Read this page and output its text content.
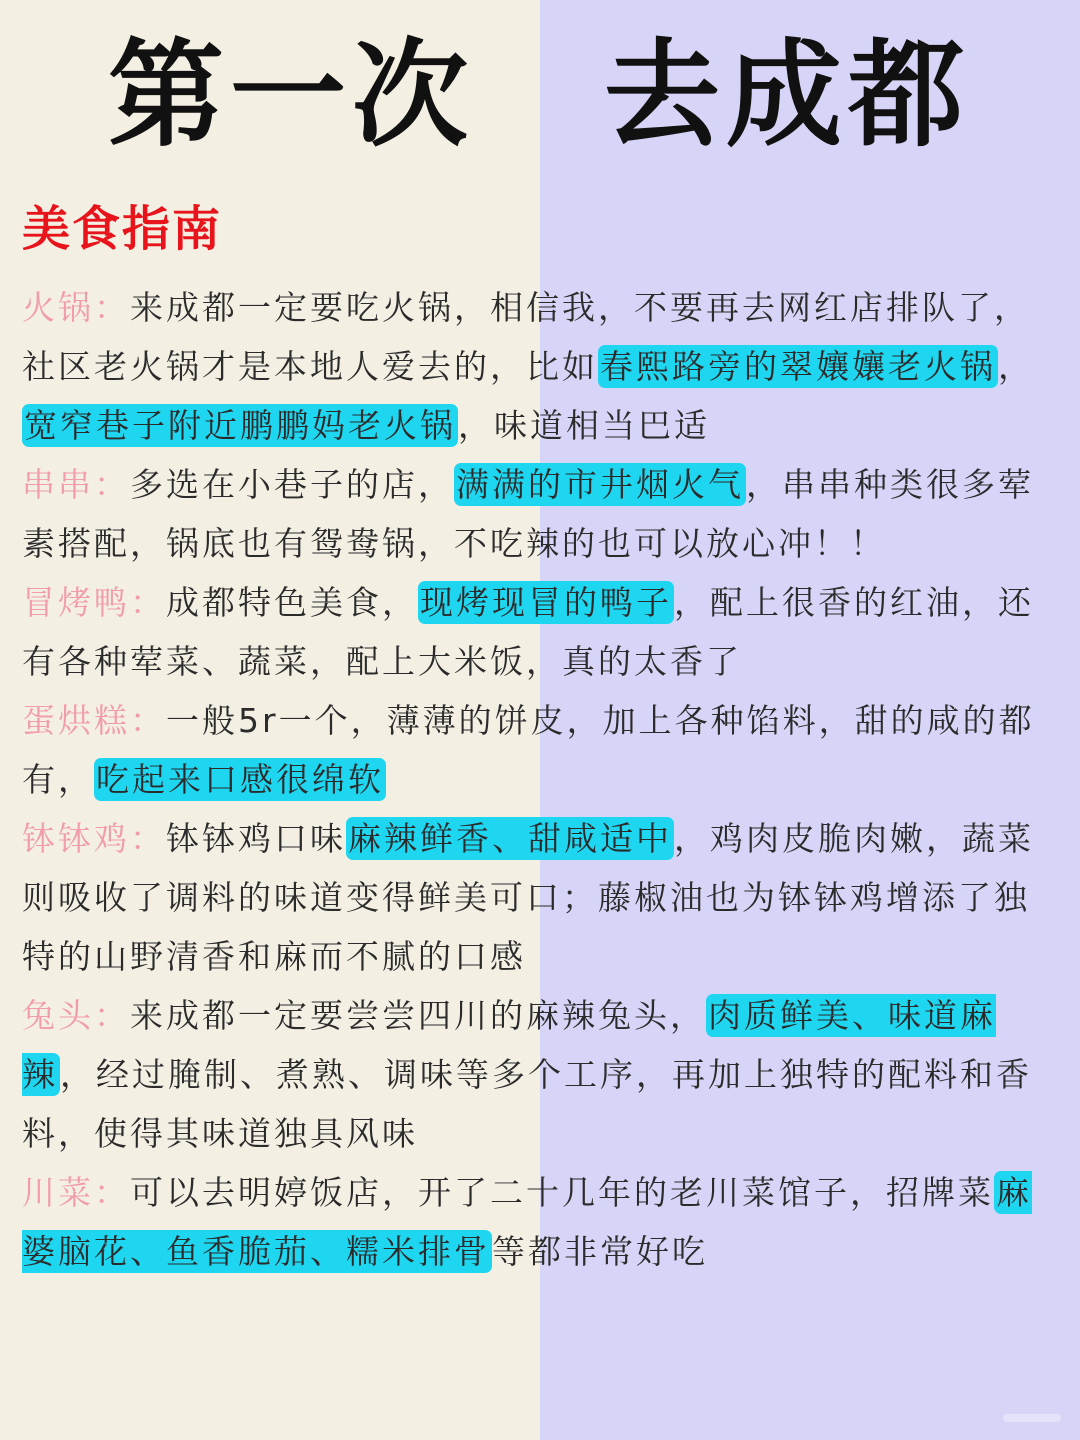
第一次 去成都
美食指南

火锅：来成都一定要吃火锅，相信我，不要再去网红店排队了，社区老火锅才是本地人爱去的，比如春熙路旁的翠孃孃老火锅，宽窄巷子附近鹏鹏妈老火锅，味道相当巴适

串串：多选在小巷子的店，满满的市井烟火气，串串种类很多荤素搭配，锅底也有鸳鸯锅，不吃辣的也可以放心冲！！

冒烤鸭：成都特色美食，现烤现冒的鸭子，配上很香的红油，还有各种荤菜、蔬菜，配上大米饭，真的太香了

蛋烘糕：一般5r一个，薄薄的饼皮，加上各种馅料，甜的咸的都有，吃起来口感很绵软

钵钵鸡：钵钵鸡口味麻辣鲜香、甜咸适中，鸡肉皮脆肉嫩，蔬菜则吸收了调料的味道变得鲜美可口；藤椒油也为钵钵鸡增添了独特的山野清香和麻而不腻的口感

兔头：来成都一定要尝尝四川的麻辣兔头，肉质鲜美、味道麻辣，经过腌制、煮熟、调味等多个工序，再加上独特的配料和香料，使得其味道独具风味

川菜：可以去明婷饭店，开了二十几年的老川菜馆子，招牌菜麻婆脑花、鱼香脆茄、糯米排骨等都非常好吃
